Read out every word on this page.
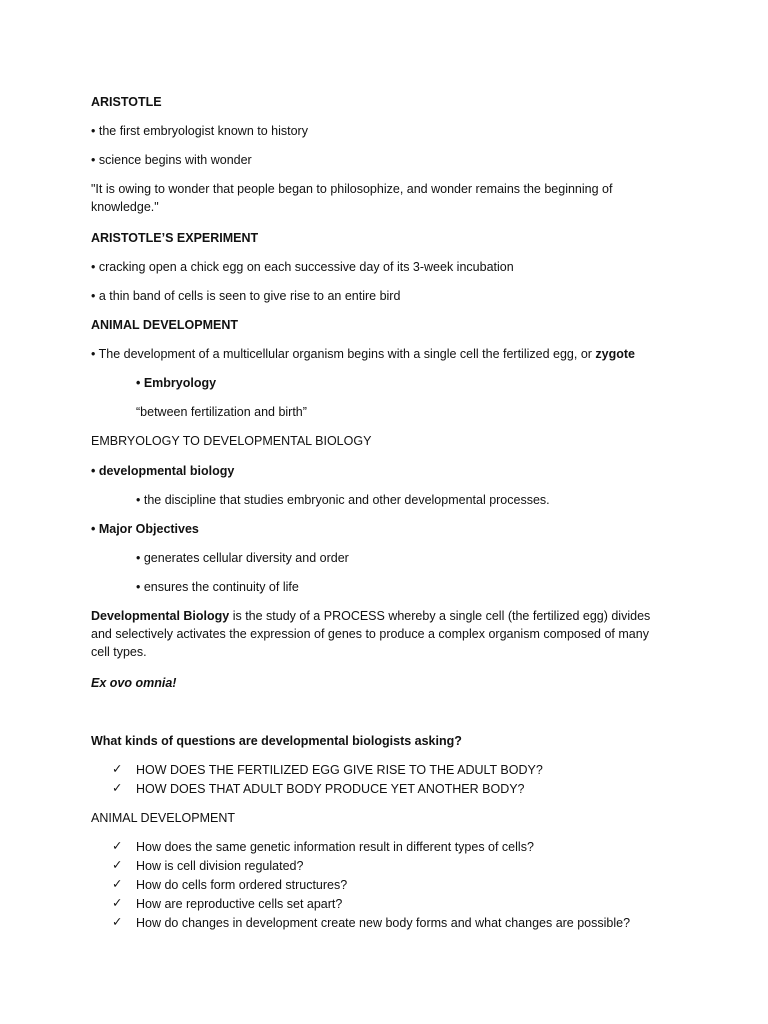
ARISTOTLE
• the first embryologist known to history
• science begins with wonder
"It is owing to wonder that people began to philosophize, and wonder remains the beginning of knowledge."
ARISTOTLE’S EXPERIMENT
• cracking open a chick egg on each successive day of its 3-week incubation
• a thin band of cells is seen to give rise to an entire bird
ANIMAL DEVELOPMENT
• The development of a multicellular organism begins with a single cell the fertilized egg, or zygote
• Embryology
“between fertilization and birth”
EMBRYOLOGY TO DEVELOPMENTAL BIOLOGY
• developmental biology
• the discipline that studies embryonic and other developmental processes.
• Major Objectives
• generates cellular diversity and order
• ensures the continuity of life
Developmental Biology is the study of a PROCESS whereby a single cell (the fertilized egg) divides and selectively activates the expression of genes to produce a complex organism composed of many cell types.
Ex ovo omnia!
What kinds of questions are developmental biologists asking?
✓ HOW DOES THE FERTILIZED EGG GIVE RISE TO THE ADULT BODY?
✓ HOW DOES THAT ADULT BODY PRODUCE YET ANOTHER BODY?
ANIMAL DEVELOPMENT
✓ How does the same genetic information result in different types of cells?
✓ How is cell division regulated?
✓ How do cells form ordered structures?
✓ How are reproductive cells set apart?
✓ How do changes in development create new body forms and what changes are possible?
